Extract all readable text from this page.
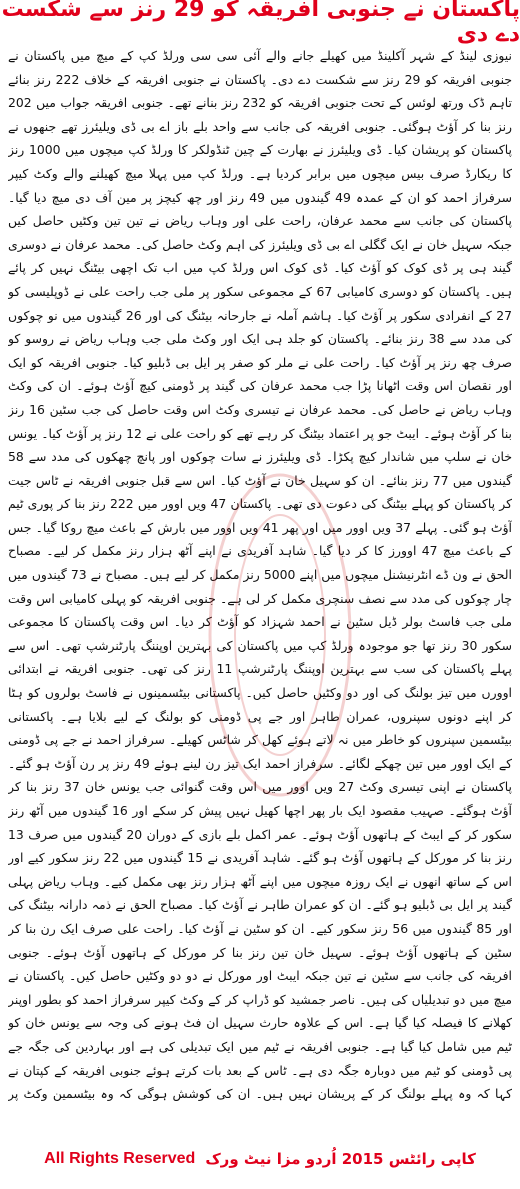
پاکستان نے جنوبی افریقہ کو 29 رنز سے شکست دے دی

نیوزی لینڈ کے شہر آکلینڈ میں کھیلے جانے والے آئی سی سی ورلڈ کپ کے میچ میں پاکستان نے جنوبی افریقہ کو 29 رنز سے شکست دے دی۔ پاکستان نے جنوبی افریقہ کے خلاف 222 رنز بنائے تاہم ڈک ورتھ لوئس کے تحت جنوبی افریقہ کو 232 رنز بنانے تھے۔ جنوبی افریقہ جواب میں 202 رنز بنا کر آؤٹ ہوگئی۔ جنوبی افریقہ کی جانب سے واحد بلے باز اے بی ڈی ویلیئرز تھے جنھوں نے پاکستان کو پریشان کیا۔ ڈی ویلیئرز نے بھارت کے چین ٹنڈولکر کا ورلڈ کپ میچوں میں 1000 رنز کا ریکارڈ صرف بیس میچوں میں برابر کردیا ہے۔ ورلڈ کپ میں پہلا میچ کھیلنے والے وکٹ کیپر سرفراز احمد کو ان کے عمدہ 49 گیندوں میں 49 رنز اور چھ کیچز پر مین آف دی میچ دیا گیا۔ پاکستان کی جانب سے محمد عرفان، راحت علی اور وہاب ریاض نے تین تین وکٹیں حاصل کیں جبکہ سہیل خان نے ایک گگلی اے بی ڈی ویلیئرز کی اہم وکٹ حاصل کی۔ محمد عرفان نے دوسری گیند ہی پر ڈی کوک کو آؤٹ کیا۔ ڈی کوک اس ورلڈ کپ میں اب تک اچھی بیٹنگ نہیں کر پائے ہیں۔ پاکستان کو دوسری کامیابی 67 کے مجموعی سکور پر ملی جب راحت علی نے ڈوپلیسی کو 27 کے انفرادی سکور پر آؤٹ کیا۔ ہاشم آملہ نے جارحانہ بیٹنگ کی اور 26 گیندوں میں نو چوکوں کی مدد سے 38 رنز بنائے۔ پاکستان کو جلد ہی ایک اور وکٹ ملی جب وہاب ریاض نے روسو کو صرف چھ رنز پر آؤٹ کیا۔ راحت علی نے ملر کو صفر پر ایل بی ڈبلیو کیا۔ جنوبی افریقہ کو ایک اور نقصان اس وقت اٹھانا پڑا جب محمد عرفان کی گیند پر ڈومنی کیچ آؤٹ ہوئے۔ ان کی وکٹ وہاب ریاض نے حاصل کی۔ محمد عرفان نے تیسری وکٹ اس وقت حاصل کی جب سٹین 16 رنز بنا کر آؤٹ ہوئے۔ ایبٹ جو پر اعتماد بیٹنگ کر رہے تھے کو راحت علی نے 12 رنز پر آؤٹ کیا۔ یونس خان نے سلپ میں شاندار کیچ پکڑا۔ ڈی ویلیئرز نے سات چوکوں اور پانچ چھکوں کی مدد سے 58 گیندوں میں 77 رنز بنائے۔ ان کو سہیل خان نے آؤٹ کیا۔ اس سے قبل جنوبی افریقہ نے ٹاس جیت کر پاکستان کو پہلے بیٹنگ کی دعوت دی تھی۔ پاکستان 47 ویں اوور میں 222 رنز بنا کر پوری ٹیم آؤٹ ہو گئی۔ پہلے 37 ویں اوور میں اور پھر 41 ویں اوور میں بارش کے باعث میچ روکا گیا۔ جس کے باعث میچ 47 اوورز کا کر دیا گیا۔ شاہد آفریدی نے اپنے آٹھ ہزار رنز مکمل کر لیے۔ مصباح الحق نے ون ڈے انٹرنیشنل میچوں میں اپنے 5000 رنز مکمل کر لیے ہیں۔ مصباح نے 73 گیندوں میں چار چوکوں کی مدد سے نصف سنچری مکمل کر لی ہے۔ جنوبی افریقہ کو پہلی کامیابی اس وقت ملی جب فاسٹ بولر ڈیل سٹین نے احمد شہزاد کو آؤٹ کر دیا۔ اس وقت پاکستان کا مجموعی سکور 30 رنز تھا جو موجودہ ورلڈ کپ میں پاکستان کی بہترین اوپننگ پارٹنرشپ تھی۔ اس سے پہلے پاکستان کی سب سے بہترین اوپننگ پارٹنرشپ 11 رنز کی تھی۔ جنوبی افریقہ نے ابتدائی اوورں میں تیز بولنگ کی اور دو وکٹیں حاصل کیں۔ پاکستانی بیٹسمینوں نے فاسٹ بولروں کو ہٹا کر اپنے دونوں سپنروں، عمران طاہر اور جے پی ڈومنی کو بولنگ کے لیے بلایا ہے۔ پاکستانی بیٹسمین سپنروں کو خاطر میں نہ لاتے ہوئے کھل کر شاٹس کھیلے۔ سرفراز احمد نے جے پی ڈومنی کے ایک اوور میں تین چھکے لگائے۔ سرفراز احمد ایک تیز رن لینے ہوئے 49 رنز پر رن آؤٹ ہو گئے۔ پاکستان نے اپنی تیسری وکٹ 27 ویں اوور میں اس وقت گنوائی جب یونس خان 37 رنز بنا کر آؤٹ ہوگئے۔ صہیب مقصود ایک بار پھر اچھا کھیل نہیں پیش کر سکے اور 16 گیندوں میں آٹھ رنز سکور کر کے ایبٹ کے ہاتھوں آؤٹ ہوئے۔ عمر اکمل بلے بازی کے دوران 20 گیندوں میں صرف 13 رنز بنا کر مورکل کے ہاتھوں آؤٹ ہو گئے۔ شاہد آفریدی نے 15 گیندوں میں 22 رنز سکور کیے اور اس کے ساتھ انھوں نے ایک روزہ میچوں میں اپنے آٹھ ہزار رنز بھی مکمل کیے۔ وہاب ریاض پہلی گیند پر ایل بی ڈبلیو ہو گئے۔ ان کو عمران طاہر نے آؤٹ کیا۔ مصباح الحق نے ذمہ دارانہ بیٹنگ کی اور 85 گیندوں میں 56 رنز سکور کیے۔ ان کو سٹین نے آؤٹ کیا۔ راحت علی صرف ایک رن بنا کر سٹین کے ہاتھوں آؤٹ ہوئے۔ سہیل خان تین رنز بنا کر مورکل کے ہاتھوں آؤٹ ہوئے۔ جنوبی افریقہ کی جانب سے سٹین نے تین جبکہ ایبٹ اور مورکل نے دو دو وکٹیں حاصل کیں۔ پاکستان نے میچ میں دو تبدیلیاں کی ہیں۔ ناصر جمشید کو ڈراپ کر کے وکٹ کیپر سرفراز احمد کو بطور اوپنر کھلانے کا فیصلہ کیا گیا ہے۔ اس کے علاوہ حارث سہیل ان فٹ ہونے کی وجہ سے یونس خان کو ٹیم میں شامل کیا گیا ہے۔ جنوبی افریقہ نے ٹیم میں ایک تبدیلی کی ہے اور بہاردین کی جگہ جے پی ڈومنی کو ٹیم میں دوبارہ جگہ دی ہے۔ ٹاس کے بعد بات کرتے ہوئے جنوبی افریقہ کے کپتان نے کہا کہ وہ پہلے بولنگ کر کے پریشان نہیں ہیں۔ ان کی کوشش ہوگی کہ وہ بیٹسمین وکٹ پر

All Rights Reserved کاپی رائٹس 2015 اُردو مزا نیٹ ورک
